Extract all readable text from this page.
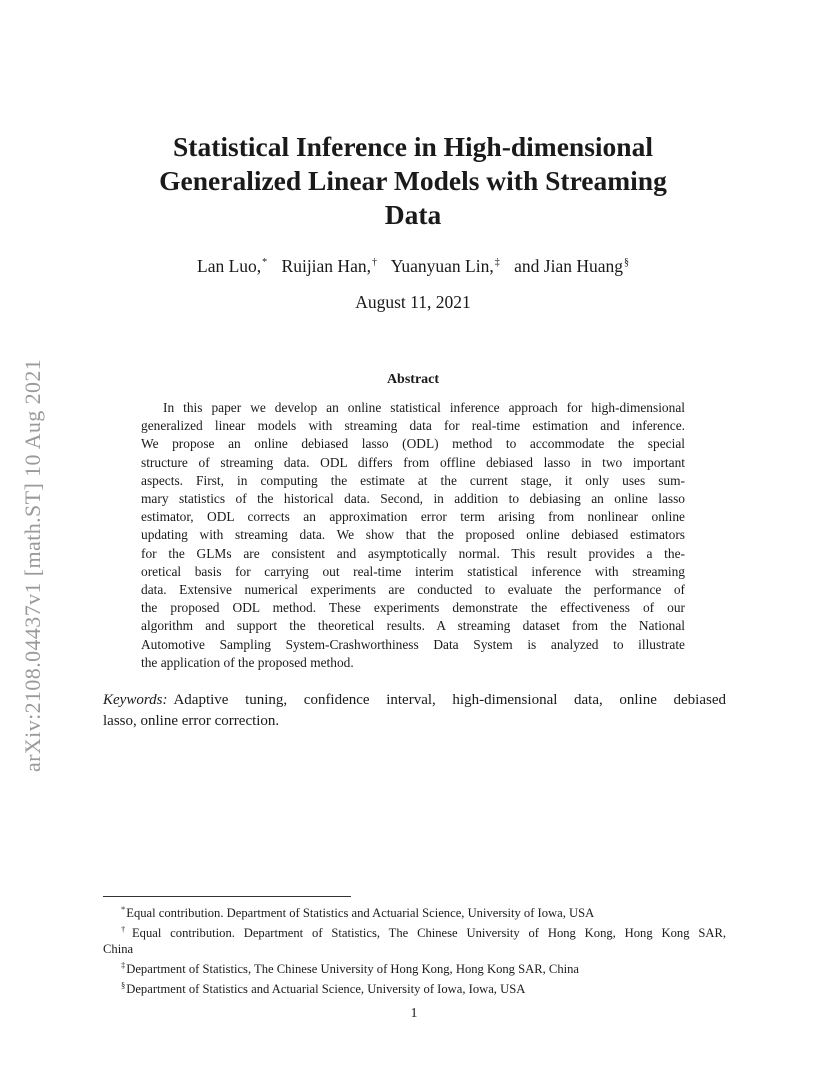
arXiv:2108.04437v1 [math.ST] 10 Aug 2021
Statistical Inference in High-dimensional
Generalized Linear Models with Streaming
Data
Lan Luo,* Ruijian Han,† Yuanyuan Lin,‡ and Jian Huang§
August 11, 2021
Abstract
In this paper we develop an online statistical inference approach for high-dimensional
generalized linear models with streaming data for real-time estimation and inference.
We propose an online debiased lasso (ODL) method to accommodate the special
structure of streaming data. ODL differs from offline debiased lasso in two important
aspects. First, in computing the estimate at the current stage, it only uses sum-
mary statistics of the historical data. Second, in addition to debiasing an online lasso
estimator, ODL corrects an approximation error term arising from nonlinear online
updating with streaming data. We show that the proposed online debiased estimators
for the GLMs are consistent and asymptotically normal. This result provides a the-
oretical basis for carrying out real-time interim statistical inference with streaming
data. Extensive numerical experiments are conducted to evaluate the performance of
the proposed ODL method. These experiments demonstrate the effectiveness of our
algorithm and support the theoretical results. A streaming dataset from the National
Automotive Sampling System-Crashworthiness Data System is analyzed to illustrate
the application of the proposed method.
Keywords: Adaptive tuning, confidence interval, high-dimensional data, online debiased
lasso, online error correction.
*Equal contribution. Department of Statistics and Actuarial Science, University of Iowa, USA
†Equal contribution. Department of Statistics, The Chinese University of Hong Kong, Hong Kong SAR,
China
‡Department of Statistics, The Chinese University of Hong Kong, Hong Kong SAR, China
§Department of Statistics and Actuarial Science, University of Iowa, Iowa, USA
1
